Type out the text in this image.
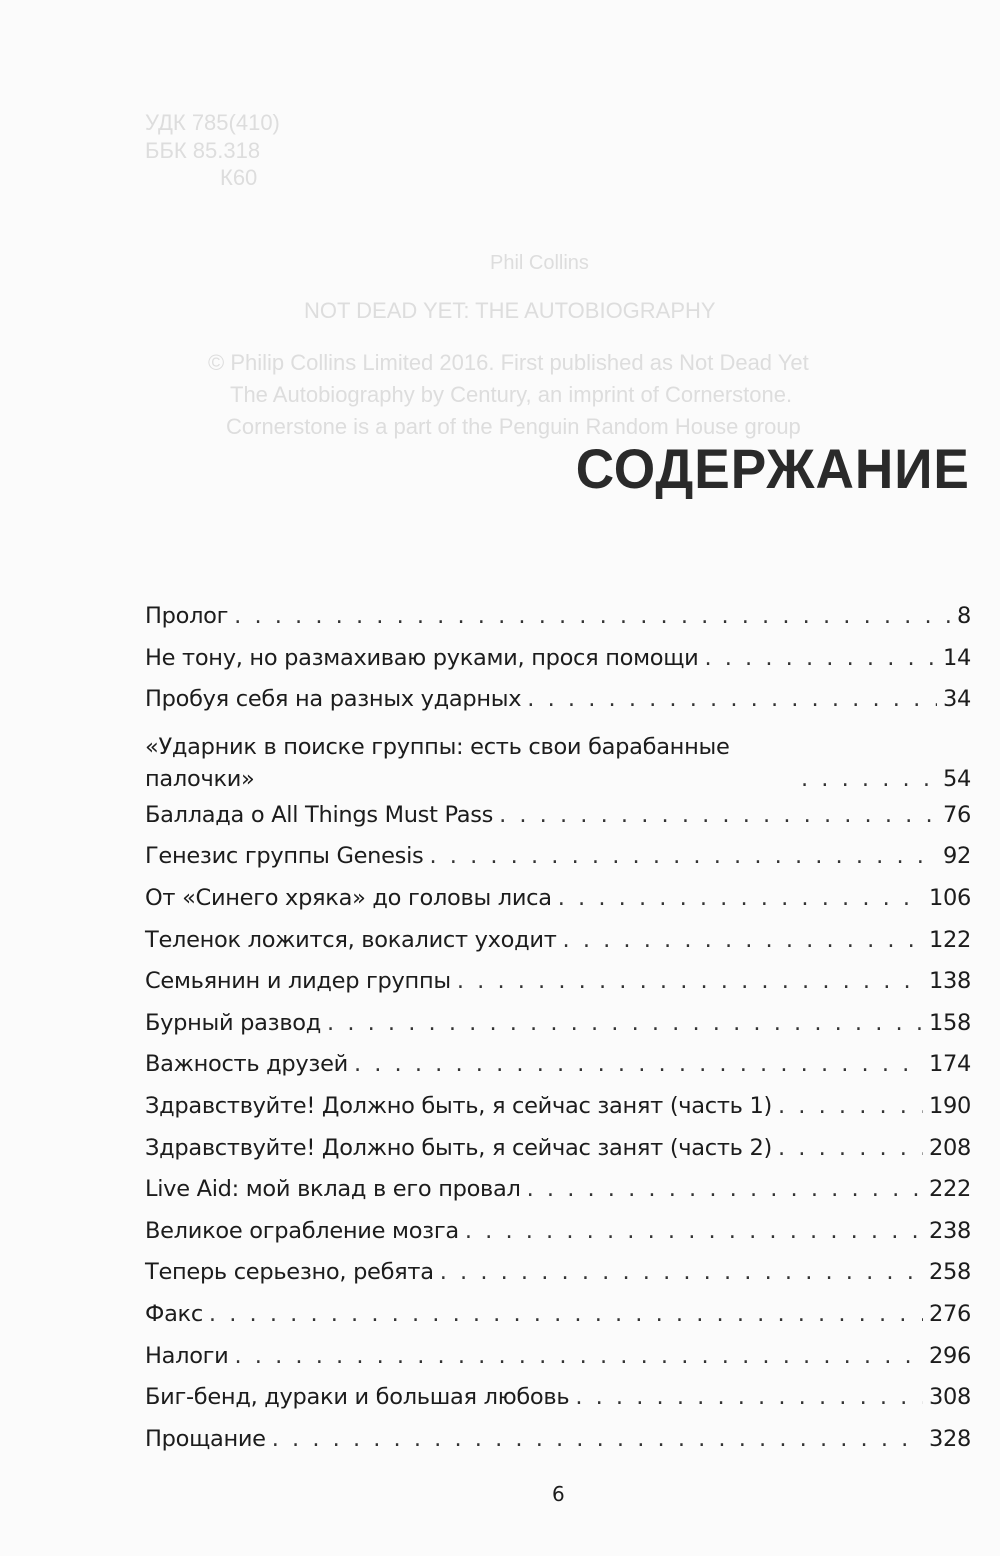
УДК 785(410)
ББК 85.318
К60
Phil Collins
NOT DEAD YET: THE AUTOBIOGRAPHY
© Philip Collins Limited 2016. First published as Not Dead Yet
The Autobiography by Century, an imprint of Cornerstone.
Cornerstone is a part of the Penguin Random House group
СОДЕРЖАНИЕ
Пролог . . .	8
Не тону, но размахиваю руками, прося помощи . . .	14
Пробуя себя на разных ударных . . .	34
«Ударник в поиске группы: есть свои барабанные палочки» . . .	54
Баллада о All Things Must Pass . . .	76
Генезис группы Genesis . . .	92
От «Синего хряка» до головы лиса . . .	106
Теленок ложится, вокалист уходит . . .	122
Семьянин и лидер группы . . .	138
Бурный развод . . .	158
Важность друзей . . .	174
Здравствуйте! Должно быть, я сейчас занят (часть 1) . . .	190
Здравствуйте! Должно быть, я сейчас занят (часть 2) . . .	208
Live Aid: мой вклад в его провал . . .	222
Великое ограбление мозга . . .	238
Теперь серьезно, ребята . . .	258
Факс . . .	276
Налоги . . .	296
Биг-бенд, дураки и большая любовь . . .	308
Прощание . . .	328
6
